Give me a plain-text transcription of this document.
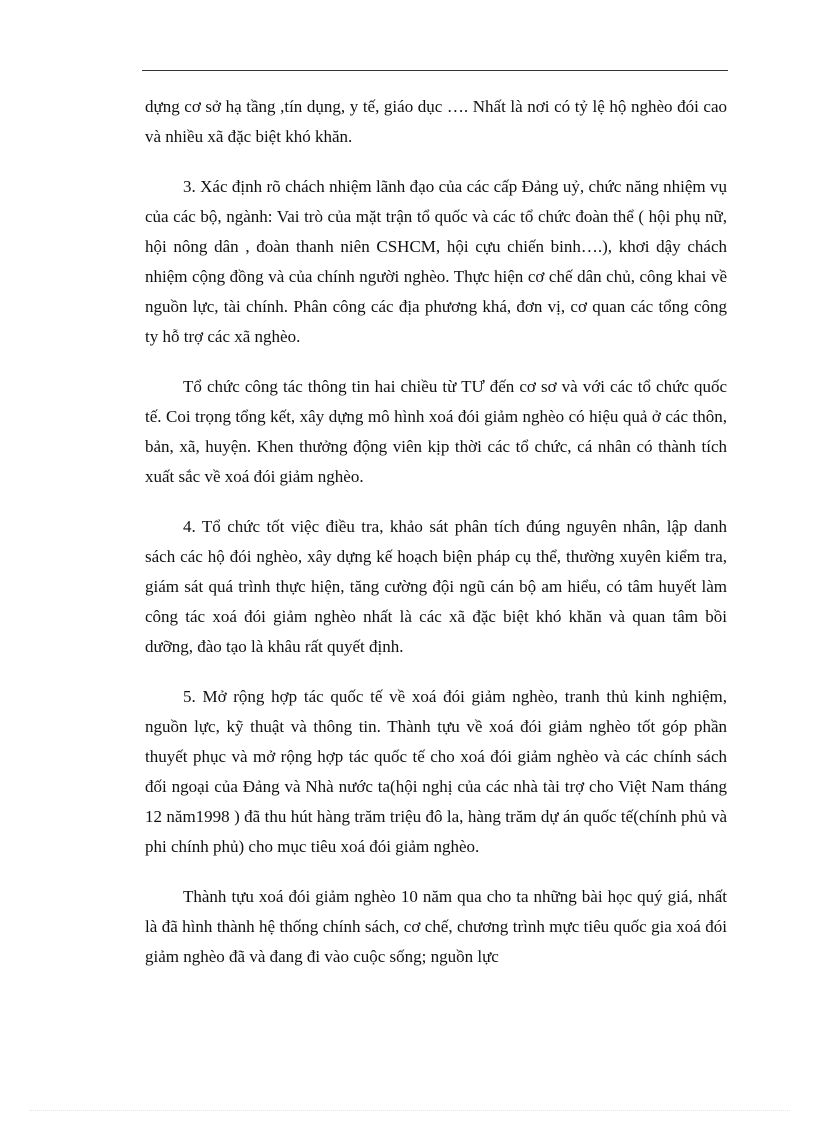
dựng cơ sở hạ tầng ,tín dụng, y tế, giáo dục …. Nhất là nơi có tỷ lệ hộ nghèo đói cao và nhiều xã đặc biệt khó khăn.

3. Xác định rõ chách nhiệm lãnh đạo của các cấp Đảng uỷ, chức năng nhiệm vụ của các bộ, ngành: Vai trò của mặt trận tổ quốc và các tổ chức đoàn thể ( hội phụ nữ, hội nông dân , đoàn thanh niên CSHCM, hội cựu chiến binh….), khơi dậy chách nhiệm cộng đồng và của chính người nghèo. Thực hiện cơ chế dân chủ, công khai về nguồn lực, tài chính. Phân công các địa phương khá, đơn vị, cơ quan các tổng công ty hỗ trợ các xã nghèo.

Tổ chức công tác thông tin hai chiều từ TƯ đến cơ sơ và với các tổ chức quốc tế. Coi trọng tổng kết, xây dựng mô hình xoá đói giảm nghèo có hiệu quả ở các thôn, bản, xã, huyện. Khen thưởng động viên kịp thời các tổ chức, cá nhân có thành tích xuất sắc về xoá đói giảm nghèo.

4. Tổ chức tốt việc điều tra, khảo sát phân tích đúng nguyên nhân, lập danh sách các hộ đói nghèo, xây dựng kế hoạch biện pháp cụ thể, thường xuyên kiểm tra, giám sát quá trình thực hiện, tăng cường đội ngũ cán bộ am hiểu, có tâm huyết làm công tác xoá đói giảm nghèo nhất là các xã đặc biệt khó khăn và quan tâm bồi dưỡng, đào tạo là khâu rất quyết định.

5. Mở rộng hợp tác quốc tế về xoá đói giảm nghèo, tranh thủ kinh nghiệm, nguồn lực, kỹ thuật và thông tin. Thành tựu về xoá đói giảm nghèo tốt góp phần thuyết phục và mở rộng hợp tác quốc tế cho xoá đói giảm nghèo và các chính sách đối ngoại của Đảng và Nhà nước ta(hội nghị của các nhà tài trợ cho Việt Nam tháng 12 năm1998 ) đã thu hút hàng trăm triệu đô la, hàng trăm dự án quốc tế(chính phủ và phi chính phủ) cho mục tiêu xoá đói giảm nghèo.

Thành tựu xoá đói giảm nghèo 10 năm qua cho ta những bài học quý giá, nhất là đã hình thành hệ thống chính sách, cơ chế, chương trình mực tiêu quốc gia xoá đói giảm nghèo đã và đang đi vào cuộc sống; nguồn lực
